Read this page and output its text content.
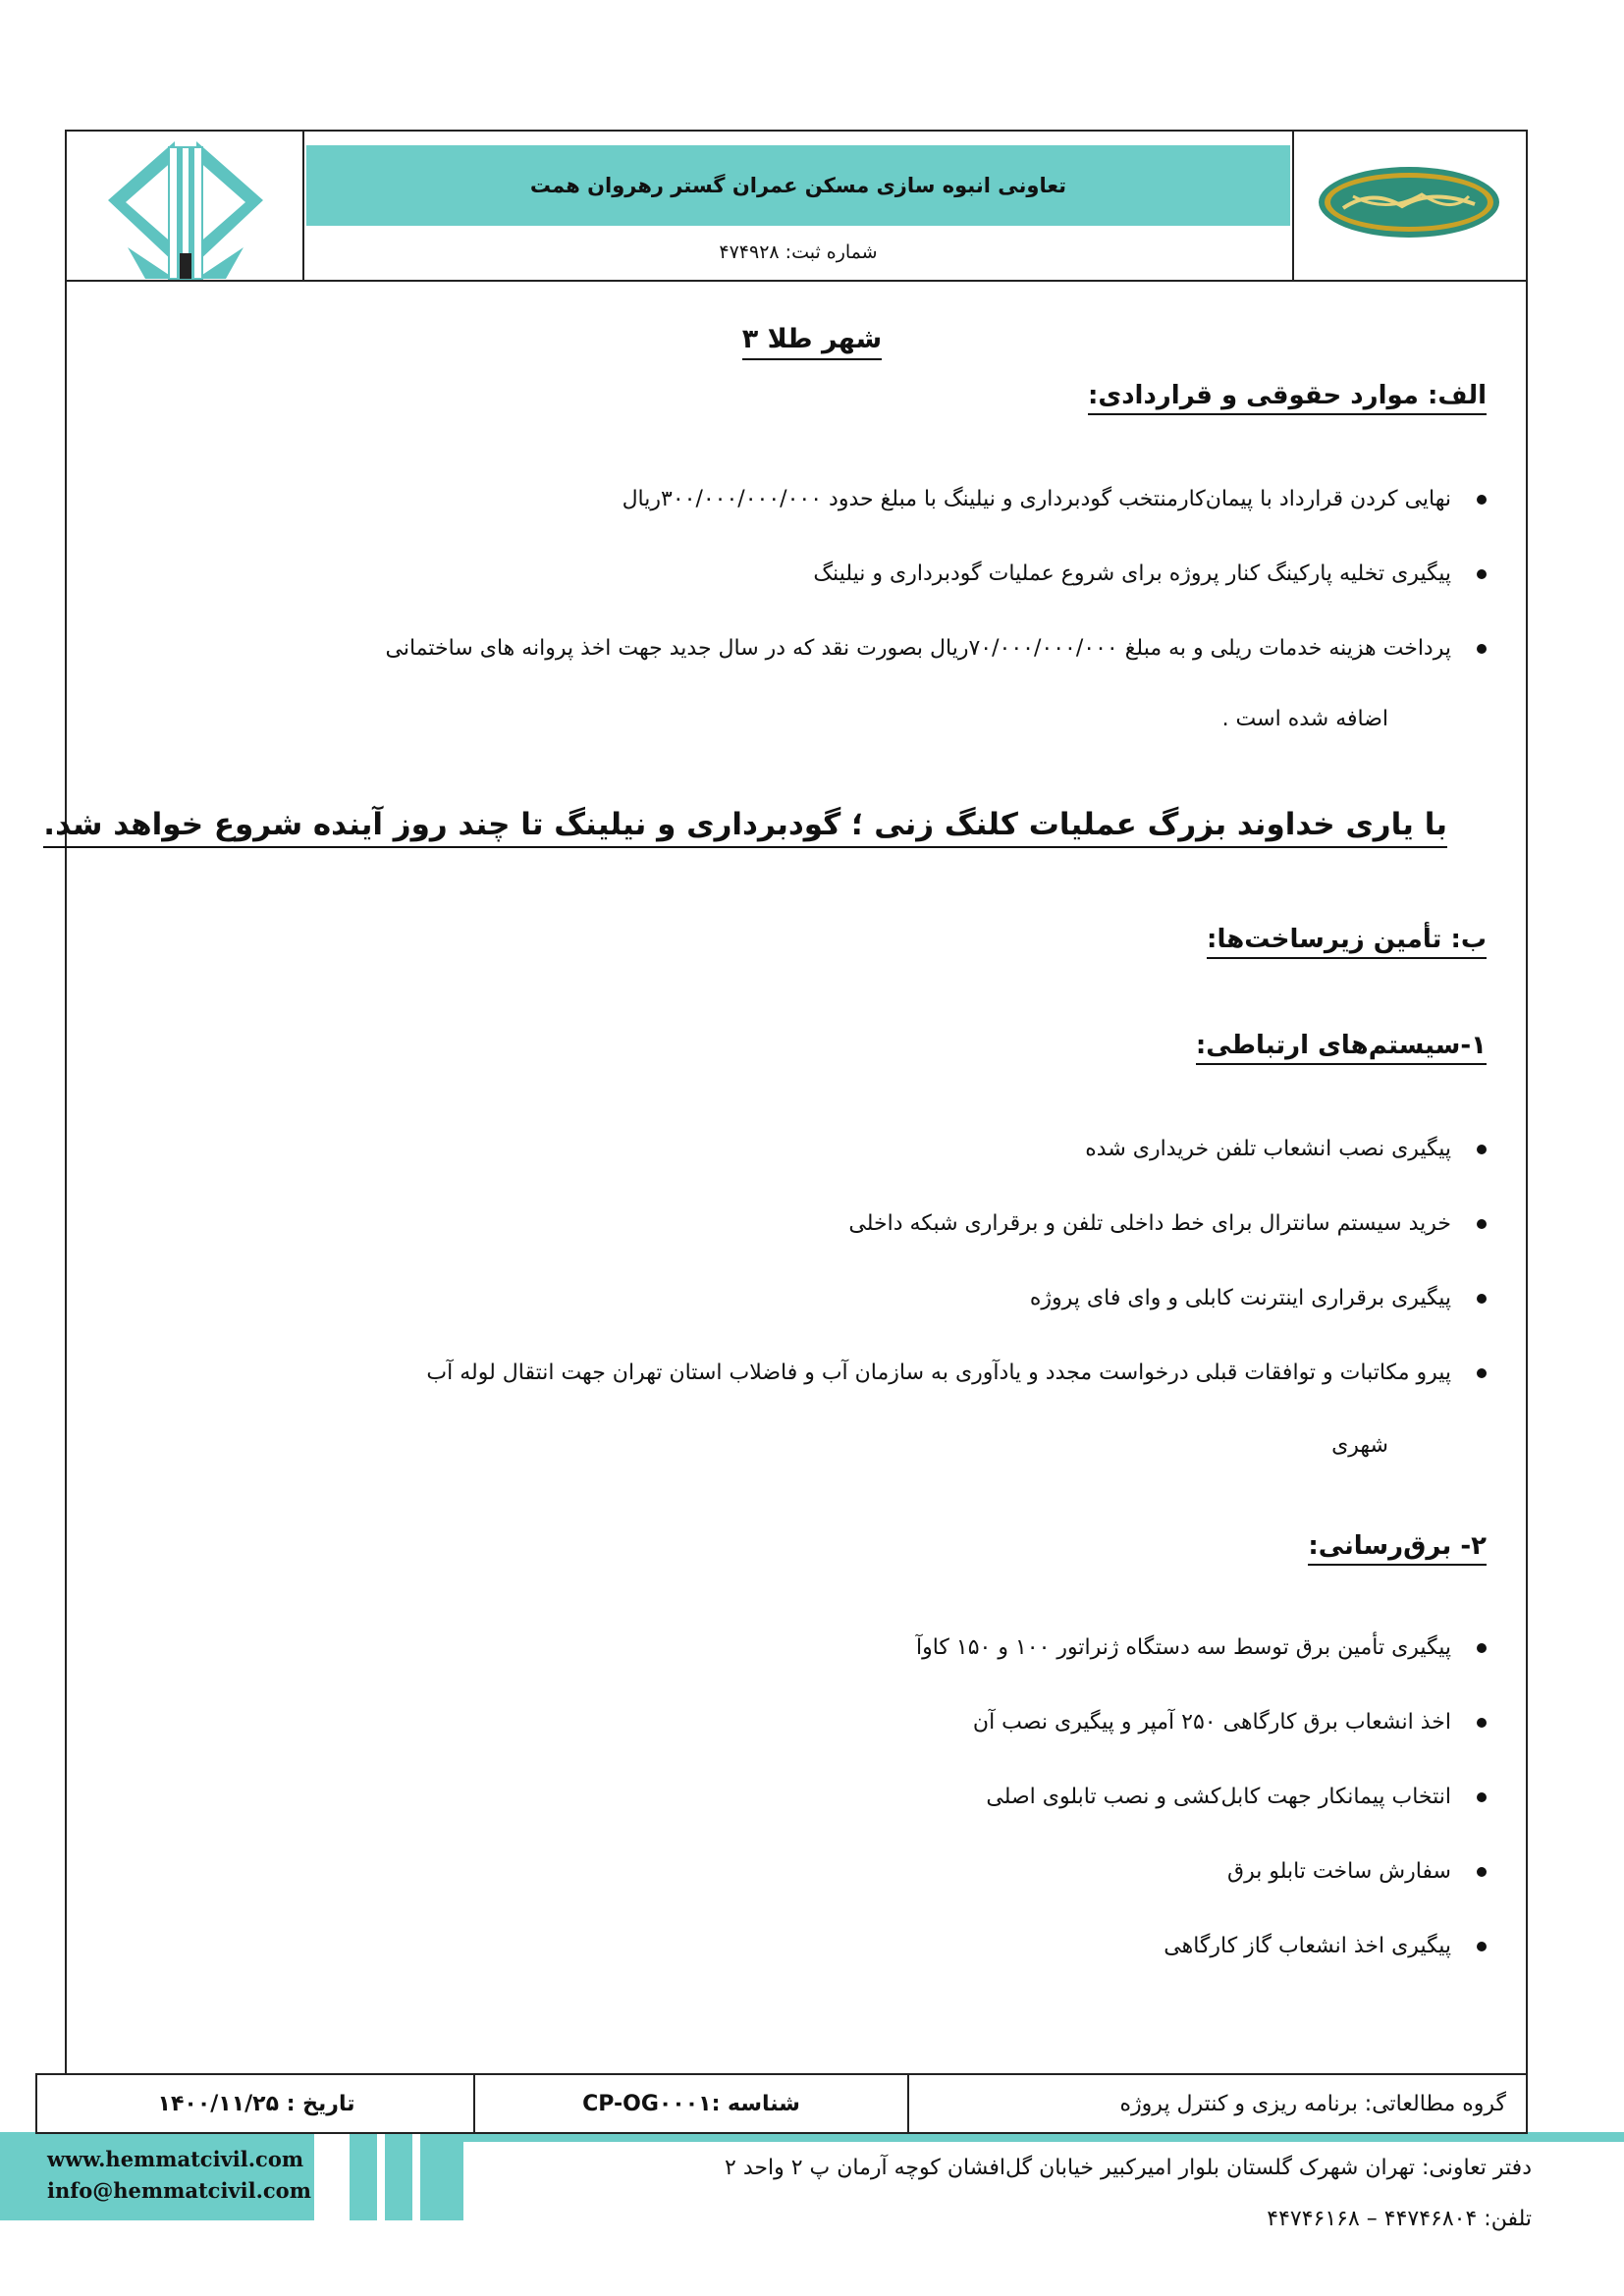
تعاونی انبوه سازی مسکن عمران گستر رهروان همت
شماره ثبت: ۴۷۴۹۲۸
شهر طلا ۳
الف: موارد حقوقی و قراردادی:
نهایی کردن قرارداد با پیمان‌کارمنتخب گودبرداری و نیلینگ با مبلغ حدود ۳۰۰/۰۰۰/۰۰۰/۰۰۰ریال
پیگیری تخلیه پارکینگ کنار پروژه برای شروع عملیات گودبرداری و نیلینگ
پرداخت هزینه خدمات ریلی و به مبلغ ۷۰/۰۰۰/۰۰۰/۰۰۰ریال بصورت نقد که در سال جدید جهت اخذ پروانه های ساختمانی
اضافه شده است .
با یاری خداوند بزرگ عملیات کلنگ زنی ؛ گودبرداری و نیلینگ تا چند روز آینده شروع خواهد شد.
ب: تأمین زیرساخت‌ها:
۱-سیستم‌های ارتباطی:
پیگیری نصب انشعاب تلفن خریداری شده
خرید سیستم سانترال برای خط داخلی تلفن و برقراری شبکه داخلی
پیگیری برقراری اینترنت کابلی و وای فای پروژه
پیرو مکاتبات و توافقات قبلی درخواست مجدد و یادآوری به سازمان آب و فاضلاب استان تهران جهت انتقال لوله آب
شهری
۲- برق‌رسانی:
پیگیری تأمین برق توسط سه دستگاه ژنراتور ۱۰۰ و ۱۵۰ کاوآ
اخذ انشعاب برق کارگاهی ۲۵۰ آمپر و پیگیری نصب آن
انتخاب پیمانکار جهت کابل‌کشی و نصب تابلوی اصلی
سفارش ساخت تابلو برق
پیگیری اخذ انشعاب گاز کارگاهی
گروه مطالعاتی: برنامه ریزی و کنترل پروژه
شناسه :
CP-OG۰۰۰۱
تاریخ :

۱۴۰۰/۱۱/۲۵
www.hemmatcivil.com
info@hemmatcivil.com
دفتر تعاونی: تهران شهرک گلستان بلوار امیرکبیر خیابان گل‌افشان کوچه آرمان پ ۲ واحد ۲
تلفن: ۴۴۷۴۶۸۰۴ – ۴۴۷۴۶۱۶۸
